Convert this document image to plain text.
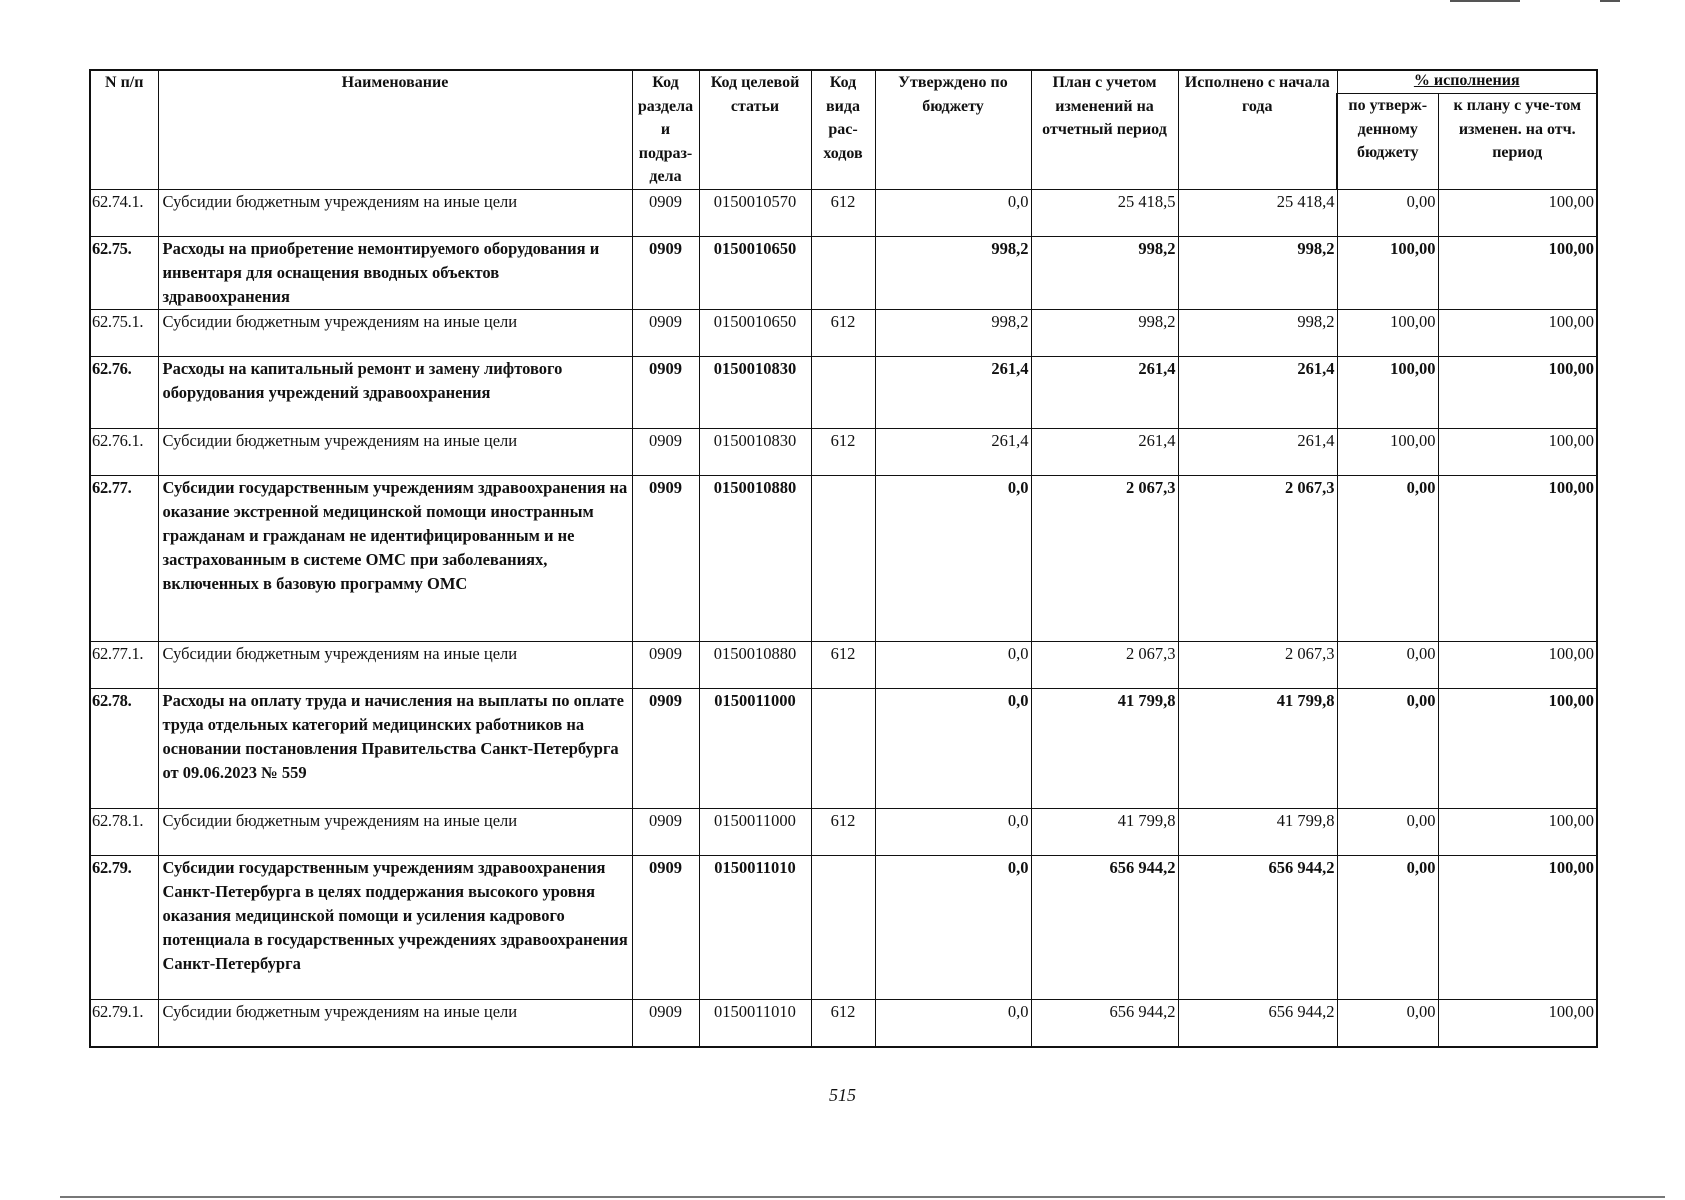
N п/п	Наименование	Код раздела и подраз-дела	Код целевой статьи	Код вида рас-ходов	Утверждено по бюджету	План с учетом изменений на отчетный период	Исполнено с начала года	% исполнения	
								по утверж-денному бюджету	к плану с уче-том изменен. на отч. период
62.74.1.	Субсидии бюджетным учреждениям на иные цели	0909	0150010570	612	0,0	25 418,5	25 418,4	0,00	100,00
62.75.	Расходы на приобретение немонтируемого оборудования и инвентаря для оснащения вводных объектов здравоохранения	0909	0150010650		998,2	998,2	998,2	100,00	100,00
62.75.1.	Субсидии бюджетным учреждениям на иные цели	0909	0150010650	612	998,2	998,2	998,2	100,00	100,00
62.76.	Расходы на капитальный ремонт и замену лифтового оборудования учреждений здравоохранения	0909	0150010830		261,4	261,4	261,4	100,00	100,00
62.76.1.	Субсидии бюджетным учреждениям на иные цели	0909	0150010830	612	261,4	261,4	261,4	100,00	100,00
62.77.	Субсидии государственным учреждениям здравоохранения на оказание экстренной медицинской помощи иностранным гражданам и гражданам не идентифицированным и не застрахованным в системе ОМС при заболеваниях, включенных в базовую программу ОМС	0909	0150010880		0,0	2 067,3	2 067,3	0,00	100,00
62.77.1.	Субсидии бюджетным учреждениям на иные цели	0909	0150010880	612	0,0	2 067,3	2 067,3	0,00	100,00
62.78.	Расходы на оплату труда и начисления на выплаты по оплате труда отдельных категорий медицинских работников на основании постановления Правительства Санкт-Петербурга от 09.06.2023 № 559	0909	0150011000		0,0	41 799,8	41 799,8	0,00	100,00
62.78.1.	Субсидии бюджетным учреждениям на иные цели	0909	0150011000	612	0,0	41 799,8	41 799,8	0,00	100,00
62.79.	Субсидии государственным учреждениям здравоохранения Санкт-Петербурга в целях поддержания высокого уровня оказания медицинской помощи и усиления кадрового потенциала в государственных учреждениях здравоохранения Санкт-Петербурга	0909	0150011010		0,0	656 944,2	656 944,2	0,00	100,00
62.79.1.	Субсидии бюджетным учреждениям на иные цели	0909	0150011010	612	0,0	656 944,2	656 944,2	0,00	100,00
515
